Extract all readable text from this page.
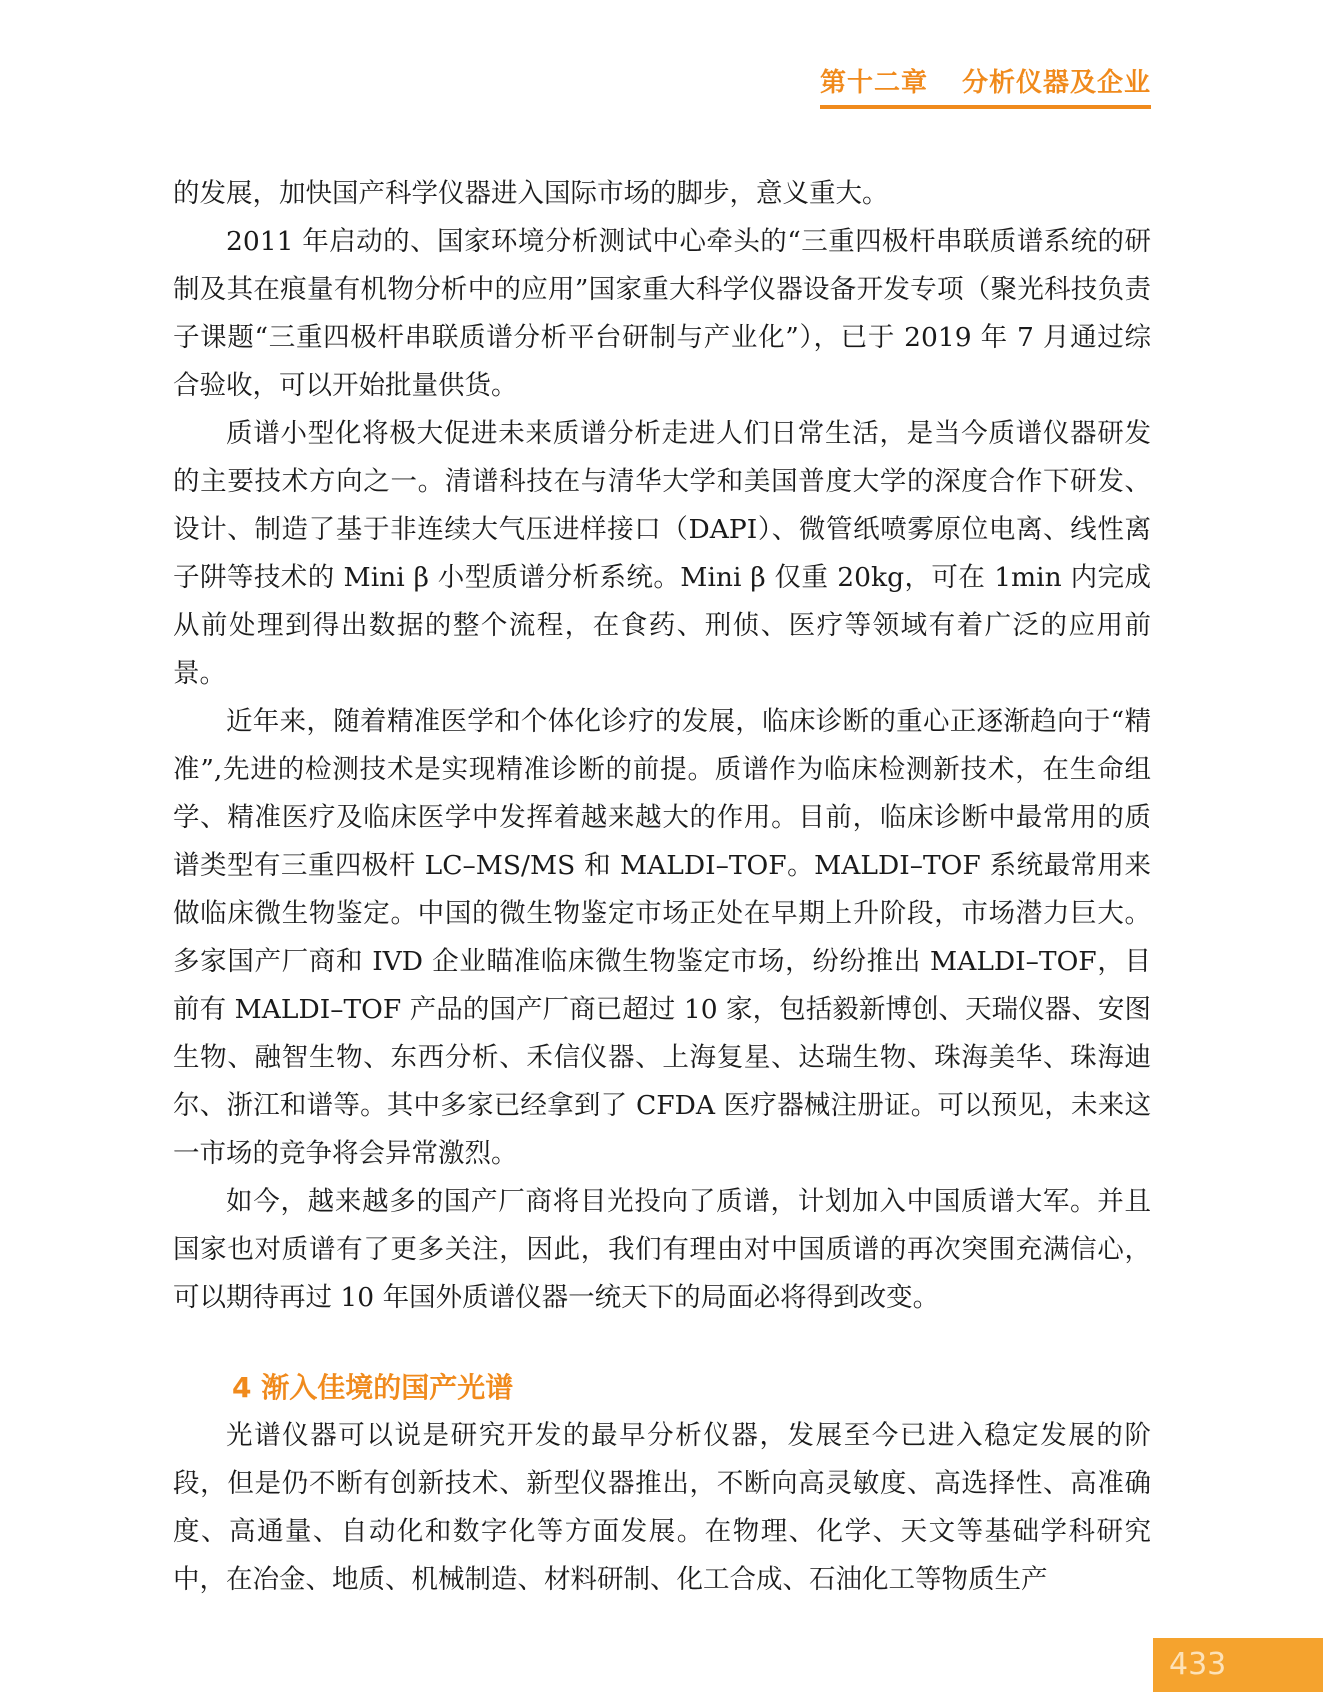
第十二章 分析仪器及企业

的发展，加快国产科学仪器进入国际市场的脚步，意义重大。

2011 年启动的、国家环境分析测试中心牵头的“三重四极杆串联质谱系统的研制及其在痕量有机物分析中的应用”国家重大科学仪器设备开发专项（聚光科技负责子课题“三重四极杆串联质谱分析平台研制与产业化”），已于 2019 年 7 月通过综合验收，可以开始批量供货。

质谱小型化将极大促进未来质谱分析走进人们日常生活，是当今质谱仪器研发的主要技术方向之一。清谱科技在与清华大学和美国普度大学的深度合作下研发、设计、制造了基于非连续大气压进样接口（DAPI）、微管纸喷雾原位电离、线性离子阱等技术的 Mini β 小型质谱分析系统。Mini β 仅重 20kg，可在 1min 内完成从前处理到得出数据的整个流程，在食药、刑侦、医疗等领域有着广泛的应用前景。

近年来，随着精准医学和个体化诊疗的发展，临床诊断的重心正逐渐趋向于“精准”,先进的检测技术是实现精准诊断的前提。质谱作为临床检测新技术，在生命组学、精准医疗及临床医学中发挥着越来越大的作用。目前，临床诊断中最常用的质谱类型有三重四极杆 LC–MS/MS 和 MALDI–TOF。MALDI–TOF 系统最常用来做临床微生物鉴定。中国的微生物鉴定市场正处在早期上升阶段，市场潜力巨大。多家国产厂商和 IVD 企业瞄准临床微生物鉴定市场，纷纷推出 MALDI–TOF，目前有 MALDI–TOF 产品的国产厂商已超过 10 家，包括毅新博创、天瑞仪器、安图生物、融智生物、东西分析、禾信仪器、上海复星、达瑞生物、珠海美华、珠海迪尔、浙江和谱等。其中多家已经拿到了 CFDA 医疗器械注册证。可以预见，未来这一市场的竞争将会异常激烈。

如今，越来越多的国产厂商将目光投向了质谱，计划加入中国质谱大军。并且国家也对质谱有了更多关注，因此，我们有理由对中国质谱的再次突围充满信心，可以期待再过 10 年国外质谱仪器一统天下的局面必将得到改变。

4 渐入佳境的国产光谱

光谱仪器可以说是研究开发的最早分析仪器，发展至今已进入稳定发展的阶段，但是仍不断有创新技术、新型仪器推出，不断向高灵敏度、高选择性、高准确度、高通量、自动化和数字化等方面发展。在物理、化学、天文等基础学科研究中，在冶金、地质、机械制造、材料研制、化工合成、石油化工等物质生产

433
